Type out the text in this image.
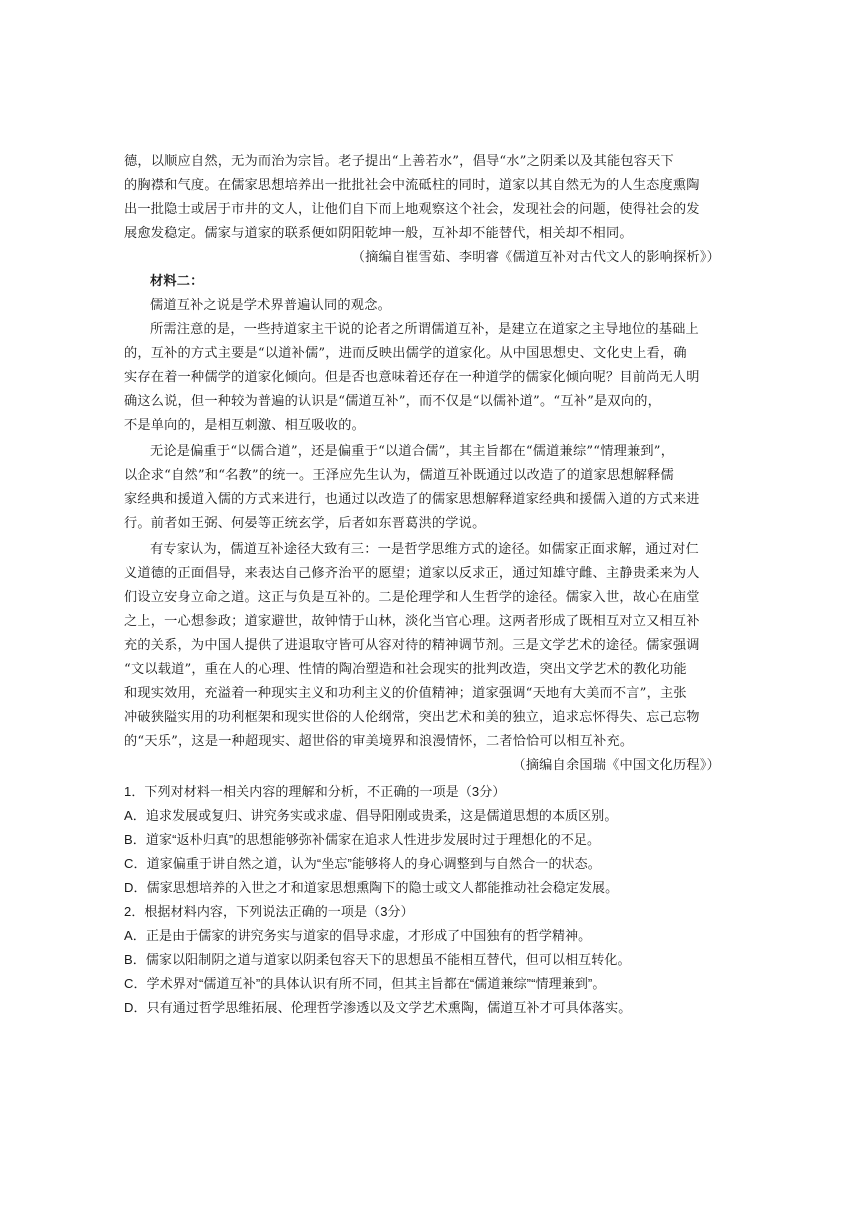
德，以顺应自然，无为而治为宗旨。老子提出“上善若水”，倡导“水”之阴柔以及其能包容天下
的胸襟和气度。在儒家思想培养出一批批社会中流砥柱的同时，道家以其自然无为的人生态度熏陶
出一批隐士或居于市井的文人，让他们自下而上地观察这个社会，发现社会的问题，使得社会的发
展愈发稳定。儒家与道家的联系便如阴阳乾坤一般，互补却不能替代，相关却不相同。
（摘编自崔雪茹、李明睿《儒道互补对古代文人的影响探析》）
材料二：
儒道互补之说是学术界普遍认同的观念。
所需注意的是，一些持道家主干说的论者之所谓儒道互补，是建立在道家之主导地位的基础上
的，互补的方式主要是“以道补儒”，进而反映出儒学的道家化。从中国思想史、文化史上看，确
实存在着一种儒学的道家化倾向。但是否也意味着还存在一种道学的儒家化倾向呢？目前尚无人明
确这么说，但一种较为普遍的认识是“儒道互补”，而不仅是“以儒补道”。“互补”是双向的，
不是单向的，是相互刺激、相互吸收的。
无论是偏重于“以儒合道”，还是偏重于“以道合儒”，其主旨都在“儒道兼综”“情理兼到”，
以企求“自然”和“名教”的统一。王泽应先生认为，儒道互补既通过以改造了的道家思想解释儒
家经典和援道入儒的方式来进行，也通过以改造了的儒家思想解释道家经典和援儒入道的方式来进
行。前者如王弼、何晏等正统玄学，后者如东晋葛洪的学说。
有专家认为，儒道互补途径大致有三：一是哲学思维方式的途径。如儒家正面求解，通过对仁
义道德的正面倡导，来表达自己修齐治平的愿望；道家以反求正，通过知雄守雌、主静贵柔来为人
们设立安身立命之道。这正与负是互补的。二是伦理学和人生哲学的途径。儒家入世，故心在庙堂
之上，一心想参政；道家避世，故钟情于山林，淡化当官心理。这两者形成了既相互对立又相互补
充的关系，为中国人提供了进退取守皆可从容对待的精神调节剂。三是文学艺术的途径。儒家强调
“文以载道”，重在人的心理、性情的陶冶塑造和社会现实的批判改造，突出文学艺术的教化功能
和现实效用，充溢着一种现实主义和功利主义的价值精神；道家强调“天地有大美而不言”，主张
冲破狭隘实用的功利框架和现实世俗的人伦纲常，突出艺术和美的独立，追求忘怀得失、忘己忘物
的“天乐”，这是一种超现实、超世俗的审美境界和浪漫情怀，二者恰恰可以相互补充。
（摘编自余国瑞《中国文化历程》）
1．下列对材料一相关内容的理解和分析，不正确的一项是（3分）
A．追求发展或复归、讲究务实或求虚、倡导阳刚或贵柔，这是儒道思想的本质区别。
B．道家“返朴归真”的思想能够弥补儒家在追求人性进步发展时过于理想化的不足。
C．道家偏重于讲自然之道，认为“坐忘”能够将人的身心调整到与自然合一的状态。
D．儒家思想培养的入世之才和道家思想熏陶下的隐士或文人都能推动社会稳定发展。
2．根据材料内容，下列说法正确的一项是（3分）
A．正是由于儒家的讲究务实与道家的倡导求虚，才形成了中国独有的哲学精神。
B．儒家以阳制阴之道与道家以阴柔包容天下的思想虽不能相互替代，但可以相互转化。
C．学术界对“儒道互补”的具体认识有所不同，但其主旨都在“儒道兼综”“情理兼到”。
D．只有通过哲学思维拓展、伦理哲学渗透以及文学艺术熏陶，儒道互补才可具体落实。
